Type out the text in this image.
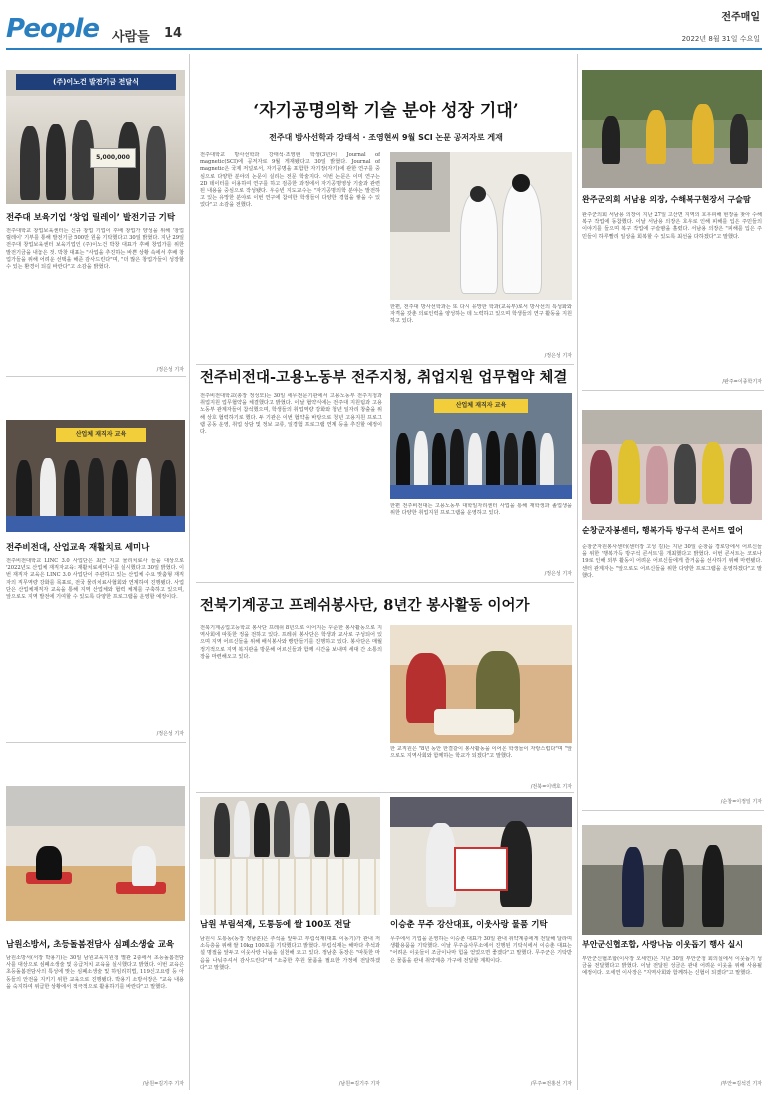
People 사람들 14
전주매일
2022년 8월 31일 수요일
(주)이노건 발전기금 전달식
5,000,000
전주대 보육기업 ‘창업 릴레이’ 발전기금 기탁
전주대학교 창업보육센터는 신규 창업 기업이 후배 창업가 양성을 위해 '창업 릴레이' 기부를 통해 발전기금 500만 원을 기탁했다고 30일 밝혔다. 지난 29일 전주대 창업보육센터 보육기업인 (주)이노건 박창 대표가 후배 창업가를 위한 발전기금을 내놓은 것. 박창 대표는 "사업을 추진하는 바쁜 상황 속에서 후배 창업가들을 위해 어려운 선택을 해준 감사드린다"며, "더 많은 창업가들이 성장할 수 있는 환경이 되길 바란다"고 소감을 밝혔다.
/정은성 기자
산업체 재직자 교육
전주비전대, 산업교육 재활치료 세미나
전주비전대학교 LINC 3.0 사업단은 최근 지교 물리치료사 들을 대상으로 '2022년도 산업체 재직자교육: 재활치료세미나'를 실시했다고 30일 밝혔다. 이번 재직자 교육은 LINC 3.0 사업단이 주관하고 있는 산업체 수요 맞춤형 재직자의 직무역량 강화를 목표로, 전국 물리치료사협회와 연계하여 진행됐다. 사업단은 산업체재직자 교육을 통해 지역 산업체와 협력 체계를 구축하고 있으며, 앞으로도 지역 발전에 기여할 수 있도록 다양한 프로그램을 운영할 예정이다.
/정은성 기자
남원소방서, 초등돌봄전담사 심폐소생술 교육
남원소방서(서장 박용기)는 30일 남원교육지원청 별관 2층에서 초등돌봄전담사를 대상으로 심폐소생술 및 응급처치 교육을 실시했다고 밝혔다. 이번 교육은 초등돌봄전담사의 특성에 맞는 심폐소생술 및 하임리히법, 119신고요령 등 아동들의 안전을 지키기 위한 교육으로 진행됐다. 박용기 소방서장은 "교육 내용을 숙지하여 위급한 상황에서 적극적으로 활용하기를 바란다"고 말했다.
/남원=김기주 기자
‘자기공명의학 기술 분야 성장 기대’
전주대 방사선학과 강태석 · 조영현씨 9월 SCI 논문 공저자로 게재
전주대학교 방사선학과 강태석·조영현 학생(3년)이 Journal of magnetic(SCI)에 공저자로 9월 게재됐다고 30일 밝혔다. Journal of magnetic은 국제 저널로서, 자기공명을 포함한 자기장(자기)에 관한 연구를 중심으로 다양한 분야의 논문이 실리는 전문 학술지다. 이번 논문은 이미 연구는 2D 데이터를 이용하여 연구를 하고 검증한 과정에서 자기공명영상 기술과 관련된 내용을 중심으로 작성됐다. 우승빈 지도교수는 "자기공명의학 분야는 발전하고 있는 유망한 분야로 이번 연구에 참여한 학생들이 다양한 경험을 쌓을 수 있었다"고 소감을 전했다.
한편, 전주대 방사선학과는 또 다시 유망한 학과(교육부)로서 방사선의 특성화와 자격을 갖춘 의료인력을 양성하는 데 노력하고 있으며 학생들의 연구 활동을 지원하고 있다.
/정은성 기자
전주비전대-고용노동부 전주지청, 취업지원 업무협약 체결
전주비전대학교(총장 정성모)는 30일 세무전문기관에서 고용노동부 전주지청과 취업지원 업무협약을 체결했다고 밝혔다. 이날 협약식에는 전주대 지원팀과 고용노동부 관계자들이 참석했으며, 학생들의 취업역량 강화와 청년 일자리 창출을 위해 상호 협력하기로 했다. 두 기관은 이번 협약을 바탕으로 청년 고용지원 프로그램 공동 운영, 취업 상담 및 정보 교류, 일경험 프로그램 연계 등을 추진할 예정이다.
산업체 재직자 교육
한편 전주비전대는 고용노동부 대학일자리센터 사업을 통해 재학생과 졸업생을 위한 다양한 취업지원 프로그램을 운영하고 있다.
/정은성 기자
전북기계공고 프레쉬봉사단, 8년간 봉사활동 이어가
전북기계공업고등학교 봉사단 프레쉬 8년으로 이어지는 꾸준한 봉사활동으로 지역사회에 따뜻한 정을 전하고 있다. 프레쉬 봉사단은 학생과 교사로 구성되어 있으며 지역 어르신들을 위해 배식봉사와 빵만들기를 진행하고 있다. 봉사단은 매월 정기적으로 지역 복지관을 방문해 어르신들과 함께 시간을 보내며 세대 간 소통의 장을 마련해오고 있다.
한 교직원은 "8년 동안 한결같이 봉사활동을 이어온 학생들이 자랑스럽다"며 "앞으로도 지역사회와 함께하는 학교가 되겠다"고 말했다.
/전북=이백호 기자
남원 부림석재, 도통동에 쌀 100포 전달
남원시 도통동(동장 정남훈)은 추석을 앞두고 부림석재(대표 이동기)가 관내 저소득층을 위해 쌀 10kg 100포를 기탁했다고 밝혔다. 부림석재는 해마다 추석과 설 명절을 앞두고 이웃사랑 나눔을 실천해 오고 있다. 정남훈 동장은 "따뜻한 마음을 나눠주셔서 감사드린다"며 "소중한 후원 물품을 필요한 가정에 전달하겠다"고 말했다.
/남원=김기주 기자
이승춘 무주 강산대표, 이웃사랑 물품 기탁
무주에서 기업을 운영하는 이승춘 대표가 30일 관내 취약계층에게 전달해 달라며 생활용품을 기탁했다. 이날 무주읍사무소에서 진행된 기탁식에서 이승춘 대표는 "어려운 이웃들이 조금이나마 힘을 얻었으면 좋겠다"고 말했다. 무주군은 기탁받은 물품을 관내 취약계층 가구에 전달할 계획이다.
/무주=전홍선 기자
완주군의회 서남용 의장, 수해복구현장서 구슬땀
완주군의회 서남용 의장이 지난 27일 고산면 지역의 호우피해 현장을 찾아 수해복구 작업에 동참했다. 이날 서남용 의장은 호우로 인해 피해를 입은 주민들의 이야기를 들으며 복구 작업에 구슬땀을 흘렸다. 서남용 의장은 "피해를 입은 주민들이 하루빨리 일상을 회복할 수 있도록 최선을 다하겠다"고 말했다.
/완주=이종학기자
순창군자봉센터, 행복가득 방구석 콘서트 열어
순창군자원봉사센터(센터장 고성 김)는 지난 30일 순창읍 경로당에서 어르신들을 위한 '행복가득 방구석 콘서트'를 개최했다고 밝혔다. 이번 콘서트는 코로나19로 인해 외부 활동이 어려운 어르신들에게 즐거움을 선사하기 위해 마련됐다. 센터 관계자는 "앞으로도 어르신들을 위한 다양한 프로그램을 운영하겠다"고 말했다.
/순창=이정일 기자
부안군신협조합, 사랑나눔 이웃돕기 행사 실시
부안군신협조합(이사장 오세연)은 지난 30일 부안군청 회의실에서 이웃돕기 성금을 전달했다고 밝혔다. 이날 전달된 성금은 관내 어려운 이웃을 위해 사용될 예정이다. 오세연 이사장은 "지역사회와 함께하는 신협이 되겠다"고 말했다.
/부안=김석진 기자
